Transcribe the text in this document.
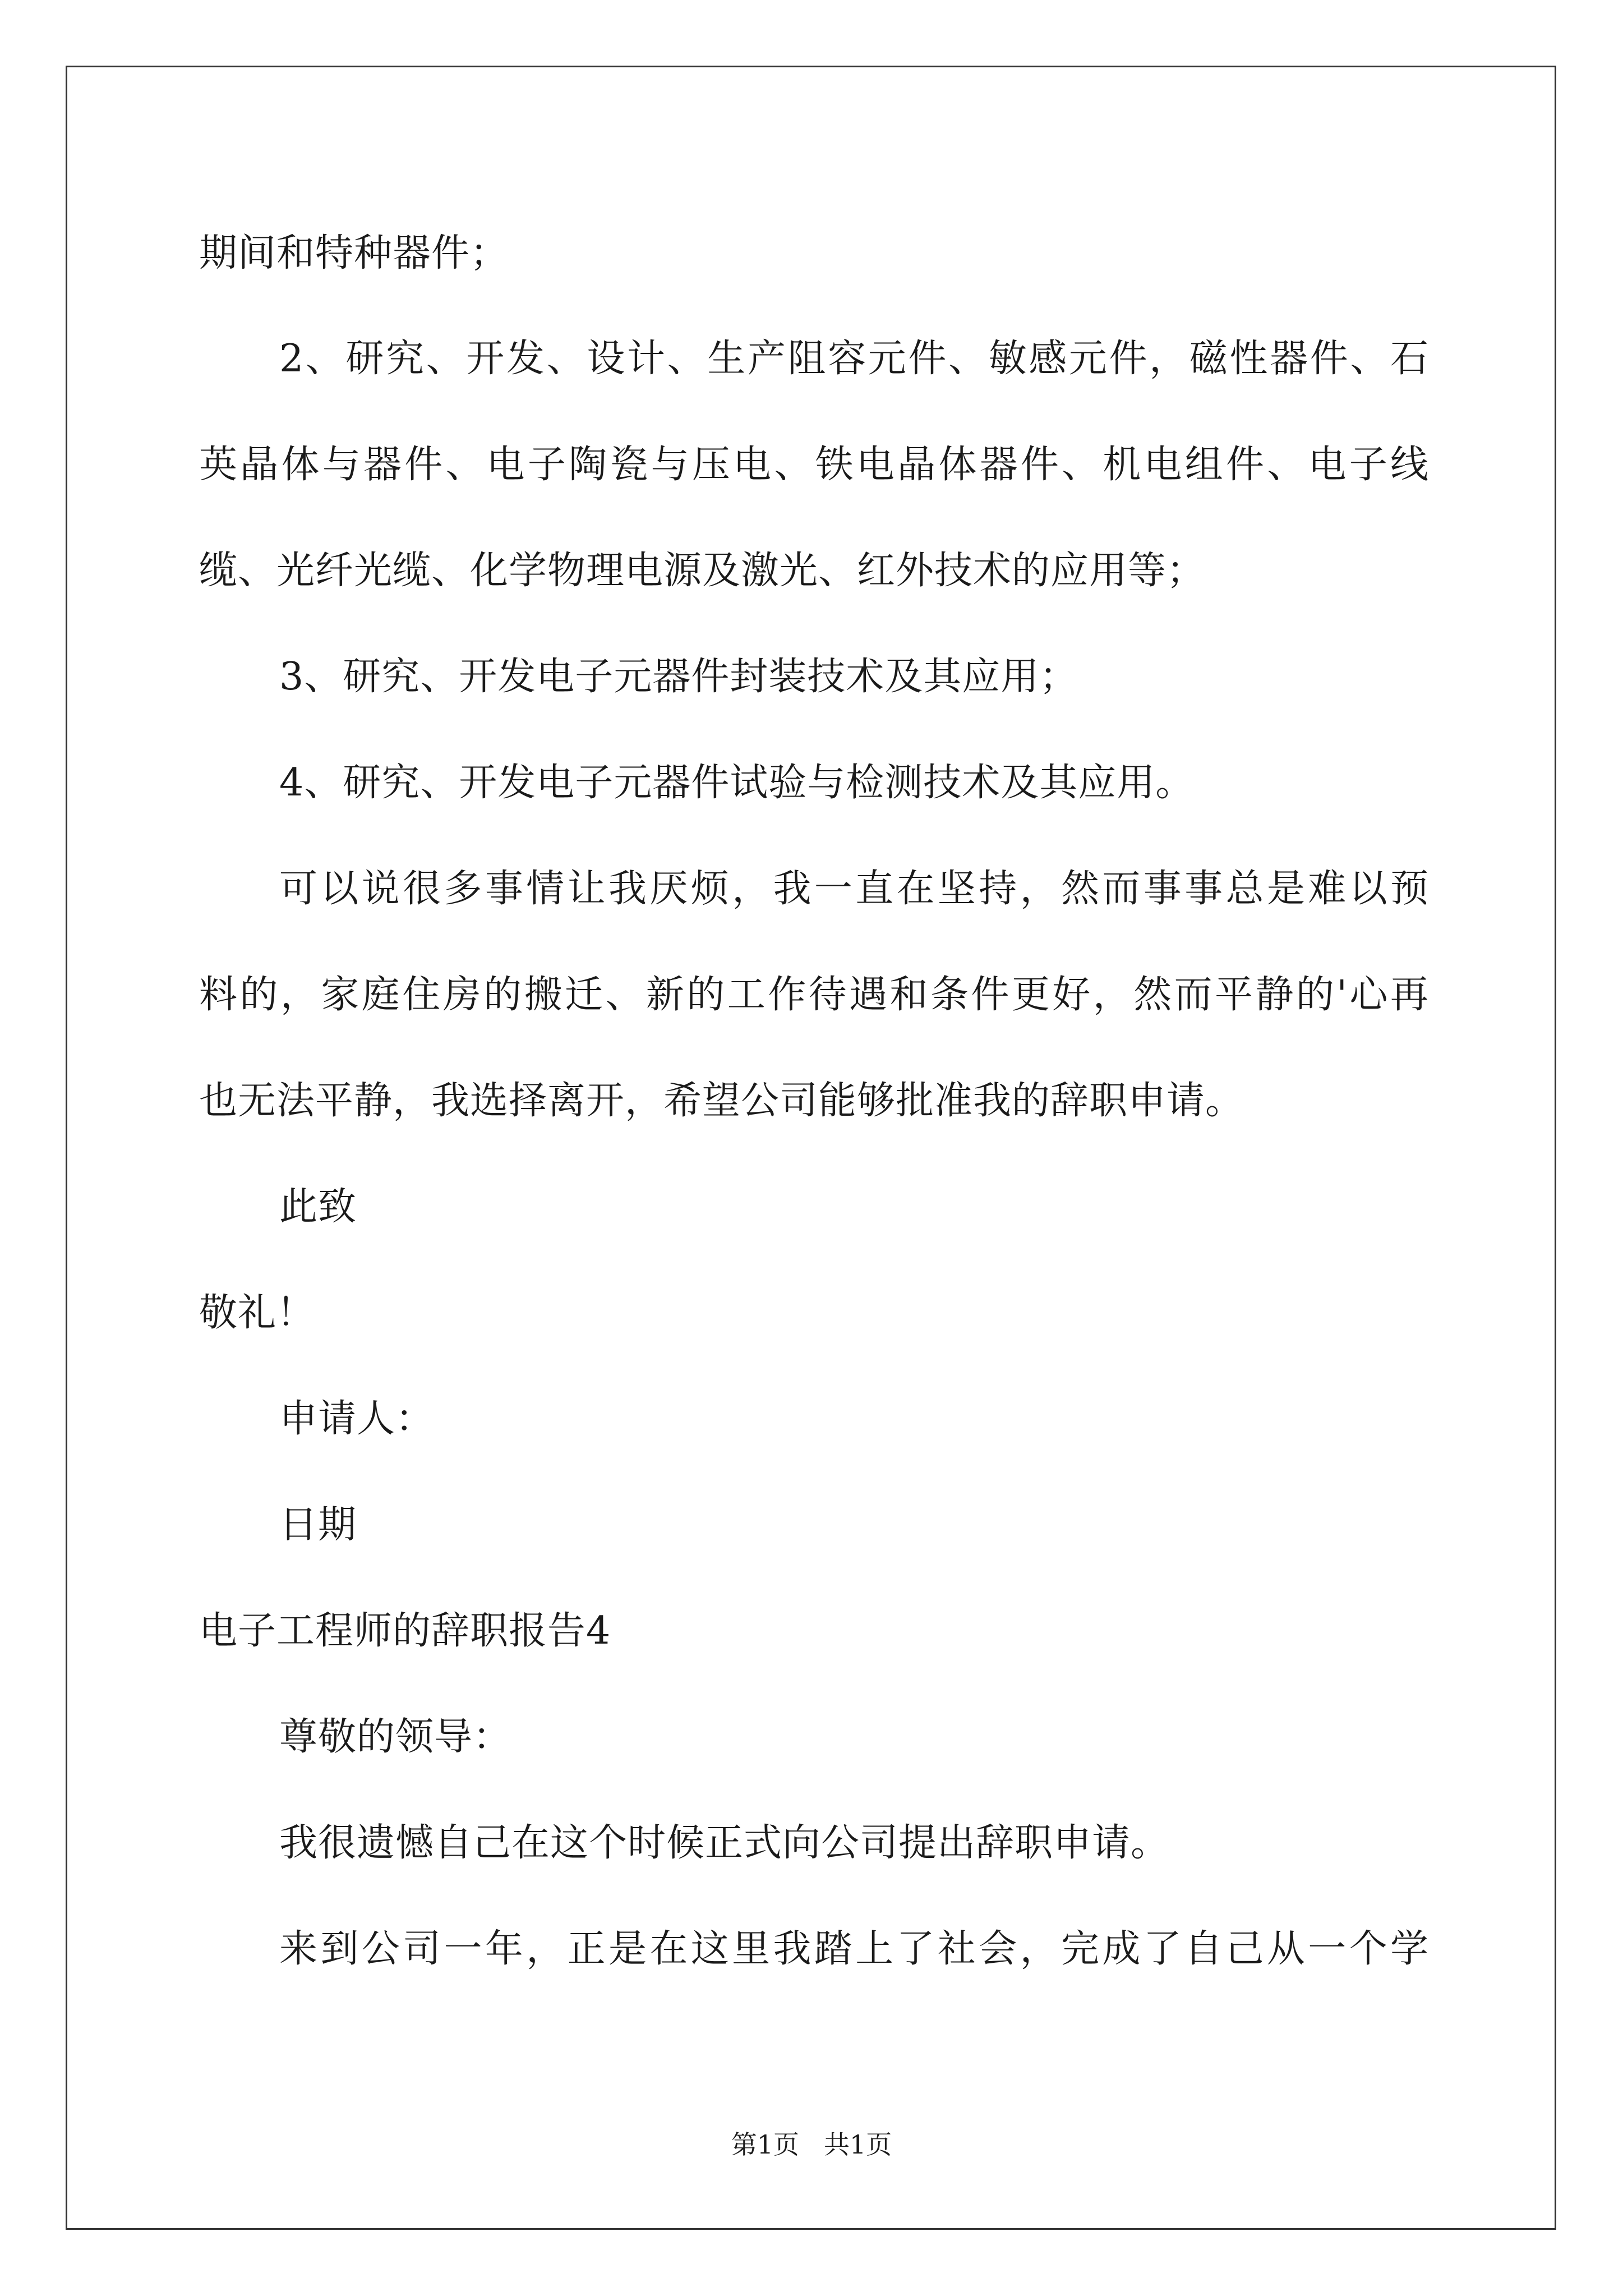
期间和特种器件；

2、研究、开发、设计、生产阻容元件、敏感元件，磁性器件、石

英晶体与器件、电子陶瓷与压电、铁电晶体器件、机电组件、电子线

缆、光纤光缆、化学物理电源及激光、红外技术的应用等；

3、研究、开发电子元器件封装技术及其应用；

4、研究、开发电子元器件试验与检测技术及其应用。

可以说很多事情让我厌烦，我一直在坚持，然而事事总是难以预

料的，家庭住房的搬迁、新的工作待遇和条件更好，然而平静的'心再

也无法平静，我选择离开，希望公司能够批准我的辞职申请。

此致

敬礼！

申请人：

日期

电子工程师的辞职报告4

尊敬的领导：

我很遗憾自己在这个时候正式向公司提出辞职申请。

来到公司一年，正是在这里我踏上了社会，完成了自己从一个学

第1页 共1页
